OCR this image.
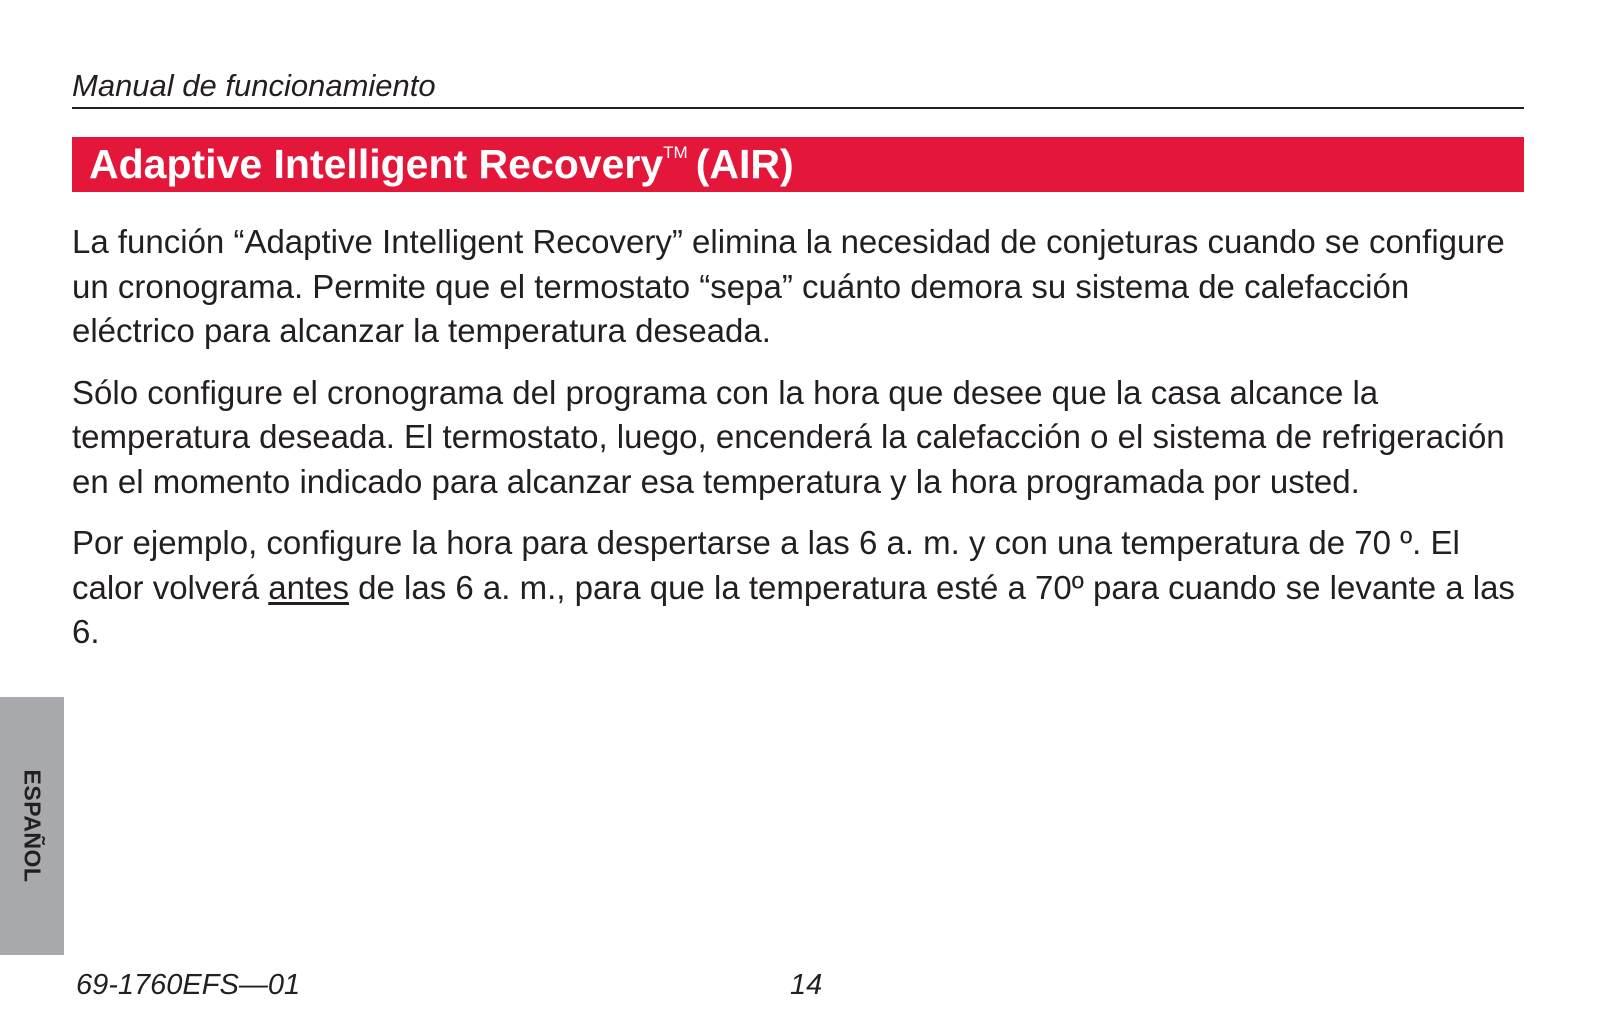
Manual de funcionamiento
Adaptive Intelligent Recovery™ (AIR)

La función “Adaptive Intelligent Recovery” elimina la necesidad de conjeturas cuando se configure un cronograma. Permite que el termostato “sepa” cuánto demora su sistema de calefacción eléctrico para alcanzar la temperatura deseada.

Sólo configure el cronograma del programa con la hora que desee que la casa alcance la temperatura deseada. El termostato, luego, encenderá la calefacción o el sistema de refrigeración en el momento indicado para alcanzar esa temperatura y la hora programada por usted.

Por ejemplo, configure la hora para despertarse a las 6 a. m. y con una temperatura de 70 º. El calor volverá antes de las 6 a. m., para que la temperatura esté a 70º para cuando se levante a las 6.

ESPAÑOL
69-1760EFS—01	14
